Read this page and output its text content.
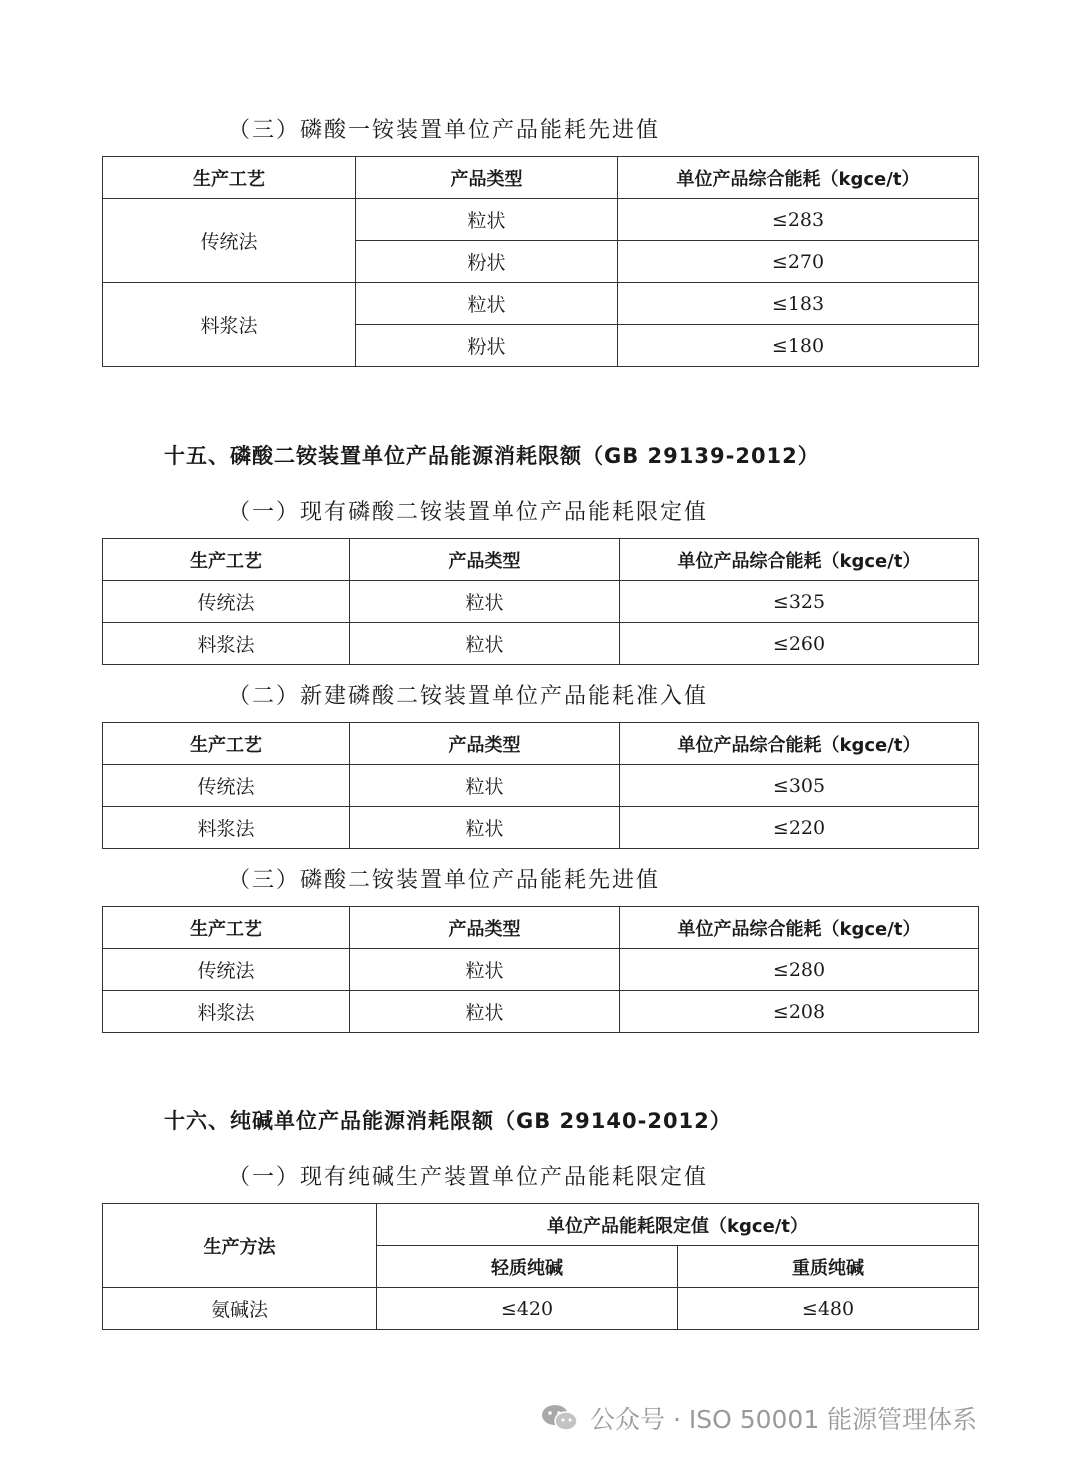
（三）磷酸一铵装置单位产品能耗先进值
生产工艺	产品类型	单位产品综合能耗（kgce/t）
传统法	粒状	≤283
	粉状	≤270
料浆法	粒状	≤183
	粉状	≤180
十五、磷酸二铵装置单位产品能源消耗限额（GB 29139-2012）
（一）现有磷酸二铵装置单位产品能耗限定值
生产工艺	产品类型	单位产品综合能耗（kgce/t）
传统法	粒状	≤325
料浆法	粒状	≤260
（二）新建磷酸二铵装置单位产品能耗准入值
生产工艺	产品类型	单位产品综合能耗（kgce/t）
传统法	粒状	≤305
料浆法	粒状	≤220
（三）磷酸二铵装置单位产品能耗先进值
生产工艺	产品类型	单位产品综合能耗（kgce/t）
传统法	粒状	≤280
料浆法	粒状	≤208
十六、纯碱单位产品能源消耗限额（GB 29140-2012）
（一）现有纯碱生产装置单位产品能耗限定值
生产方法	单位产品能耗限定值（kgce/t）	
	轻质纯碱	重质纯碱
氨碱法	≤420	≤480
公众号 · ISO 50001 能源管理体系
